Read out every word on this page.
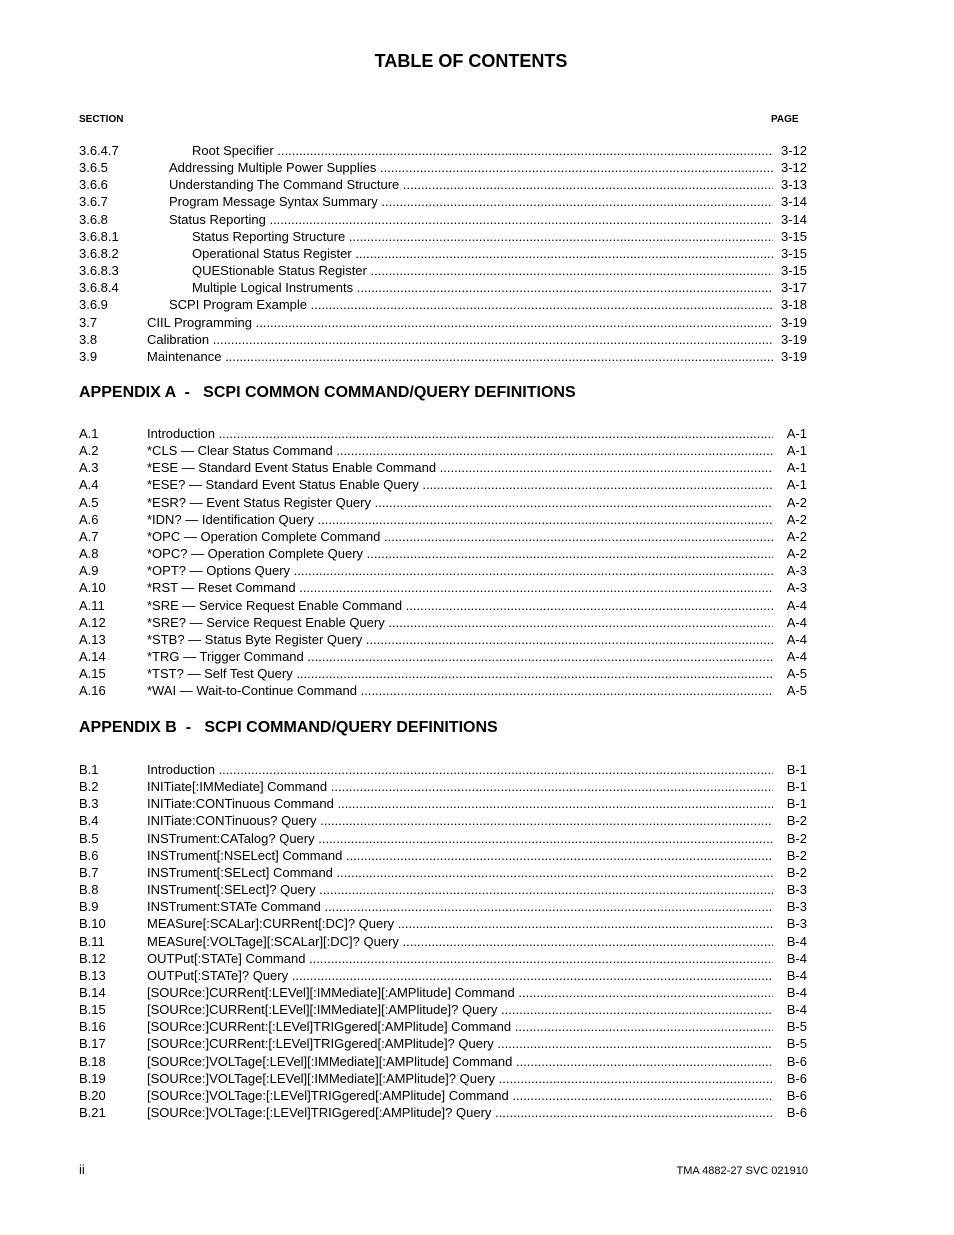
TABLE OF CONTENTS
SECTION	PAGE
3.6.4.7	Root Specifier .....	3-12
3.6.5	Addressing Multiple Power Supplies .....	3-12
3.6.6	Understanding The Command Structure .....	3-13
3.6.7	Program Message Syntax Summary .....	3-14
3.6.8	Status Reporting .....	3-14
3.6.8.1	Status Reporting Structure .....	3-15
3.6.8.2	Operational Status Register .....	3-15
3.6.8.3	QUEStionable Status Register .....	3-15
3.6.8.4	Multiple Logical Instruments .....	3-17
3.6.9	SCPI Program Example .....	3-18
3.7	CIIL Programming .....	3-19
3.8	Calibration .....	3-19
3.9	Maintenance .....	3-19
APPENDIX A  -   SCPI COMMON COMMAND/QUERY DEFINITIONS
A.1	Introduction .....	A-1
A.2	*CLS — Clear Status Command .....	A-1
A.3	*ESE — Standard Event Status Enable Command .....	A-1
A.4	*ESE? — Standard Event Status Enable Query .....	A-1
A.5	*ESR? — Event Status Register Query .....	A-2
A.6	*IDN? — Identification Query .....	A-2
A.7	*OPC — Operation Complete Command .....	A-2
A.8	*OPC? — Operation Complete Query .....	A-2
A.9	*OPT? — Options Query .....	A-3
A.10	*RST — Reset Command .....	A-3
A.11	*SRE — Service Request Enable Command .....	A-4
A.12	*SRE? — Service Request Enable Query .....	A-4
A.13	*STB? — Status Byte Register Query .....	A-4
A.14	*TRG — Trigger Command .....	A-4
A.15	*TST? — Self Test Query .....	A-5
A.16	*WAI — Wait-to-Continue Command .....	A-5
APPENDIX B  -   SCPI COMMAND/QUERY DEFINITIONS
B.1	Introduction .....	B-1
B.2	INITiate[:IMMediate] Command .....	B-1
B.3	INITiate:CONTinuous Command .....	B-1
B.4	INITiate:CONTinuous? Query .....	B-2
B.5	INSTrument:CATalog? Query .....	B-2
B.6	INSTrument[:NSELect] Command .....	B-2
B.7	INSTrument[:SELect] Command .....	B-2
B.8	INSTrument[:SELect]? Query .....	B-3
B.9	INSTrument:STATe Command .....	B-3
B.10	MEASure[:SCALar]:CURRent[:DC]? Query .....	B-3
B.11	MEASure[:VOLTage][:SCALar][:DC]? Query .....	B-4
B.12	OUTPut[:STATe] Command .....	B-4
B.13	OUTPut[:STATe]? Query .....	B-4
B.14	[SOURce:]CURRent[:LEVel][:IMMediate][:AMPlitude] Command .....	B-4
B.15	[SOURce:]CURRent[:LEVel][:IMMediate][:AMPlitude]? Query .....	B-4
B.16	[SOURce:]CURRent:[:LEVel]TRIGgered[:AMPlitude] Command .....	B-5
B.17	[SOURce:]CURRent:[:LEVel]TRIGgered[:AMPlitude]? Query .....	B-5
B.18	[SOURce:]VOLTage[:LEVel][:IMMediate][:AMPlitude] Command .....	B-6
B.19	[SOURce:]VOLTage[:LEVel][:IMMediate][:AMPlitude]? Query .....	B-6
B.20	[SOURce:]VOLTage:[:LEVel]TRIGgered[:AMPlitude] Command .....	B-6
B.21	[SOURce:]VOLTage:[:LEVel]TRIGgered[:AMPlitude]? Query .....	B-6
ii	TMA 4882-27 SVC 021910
